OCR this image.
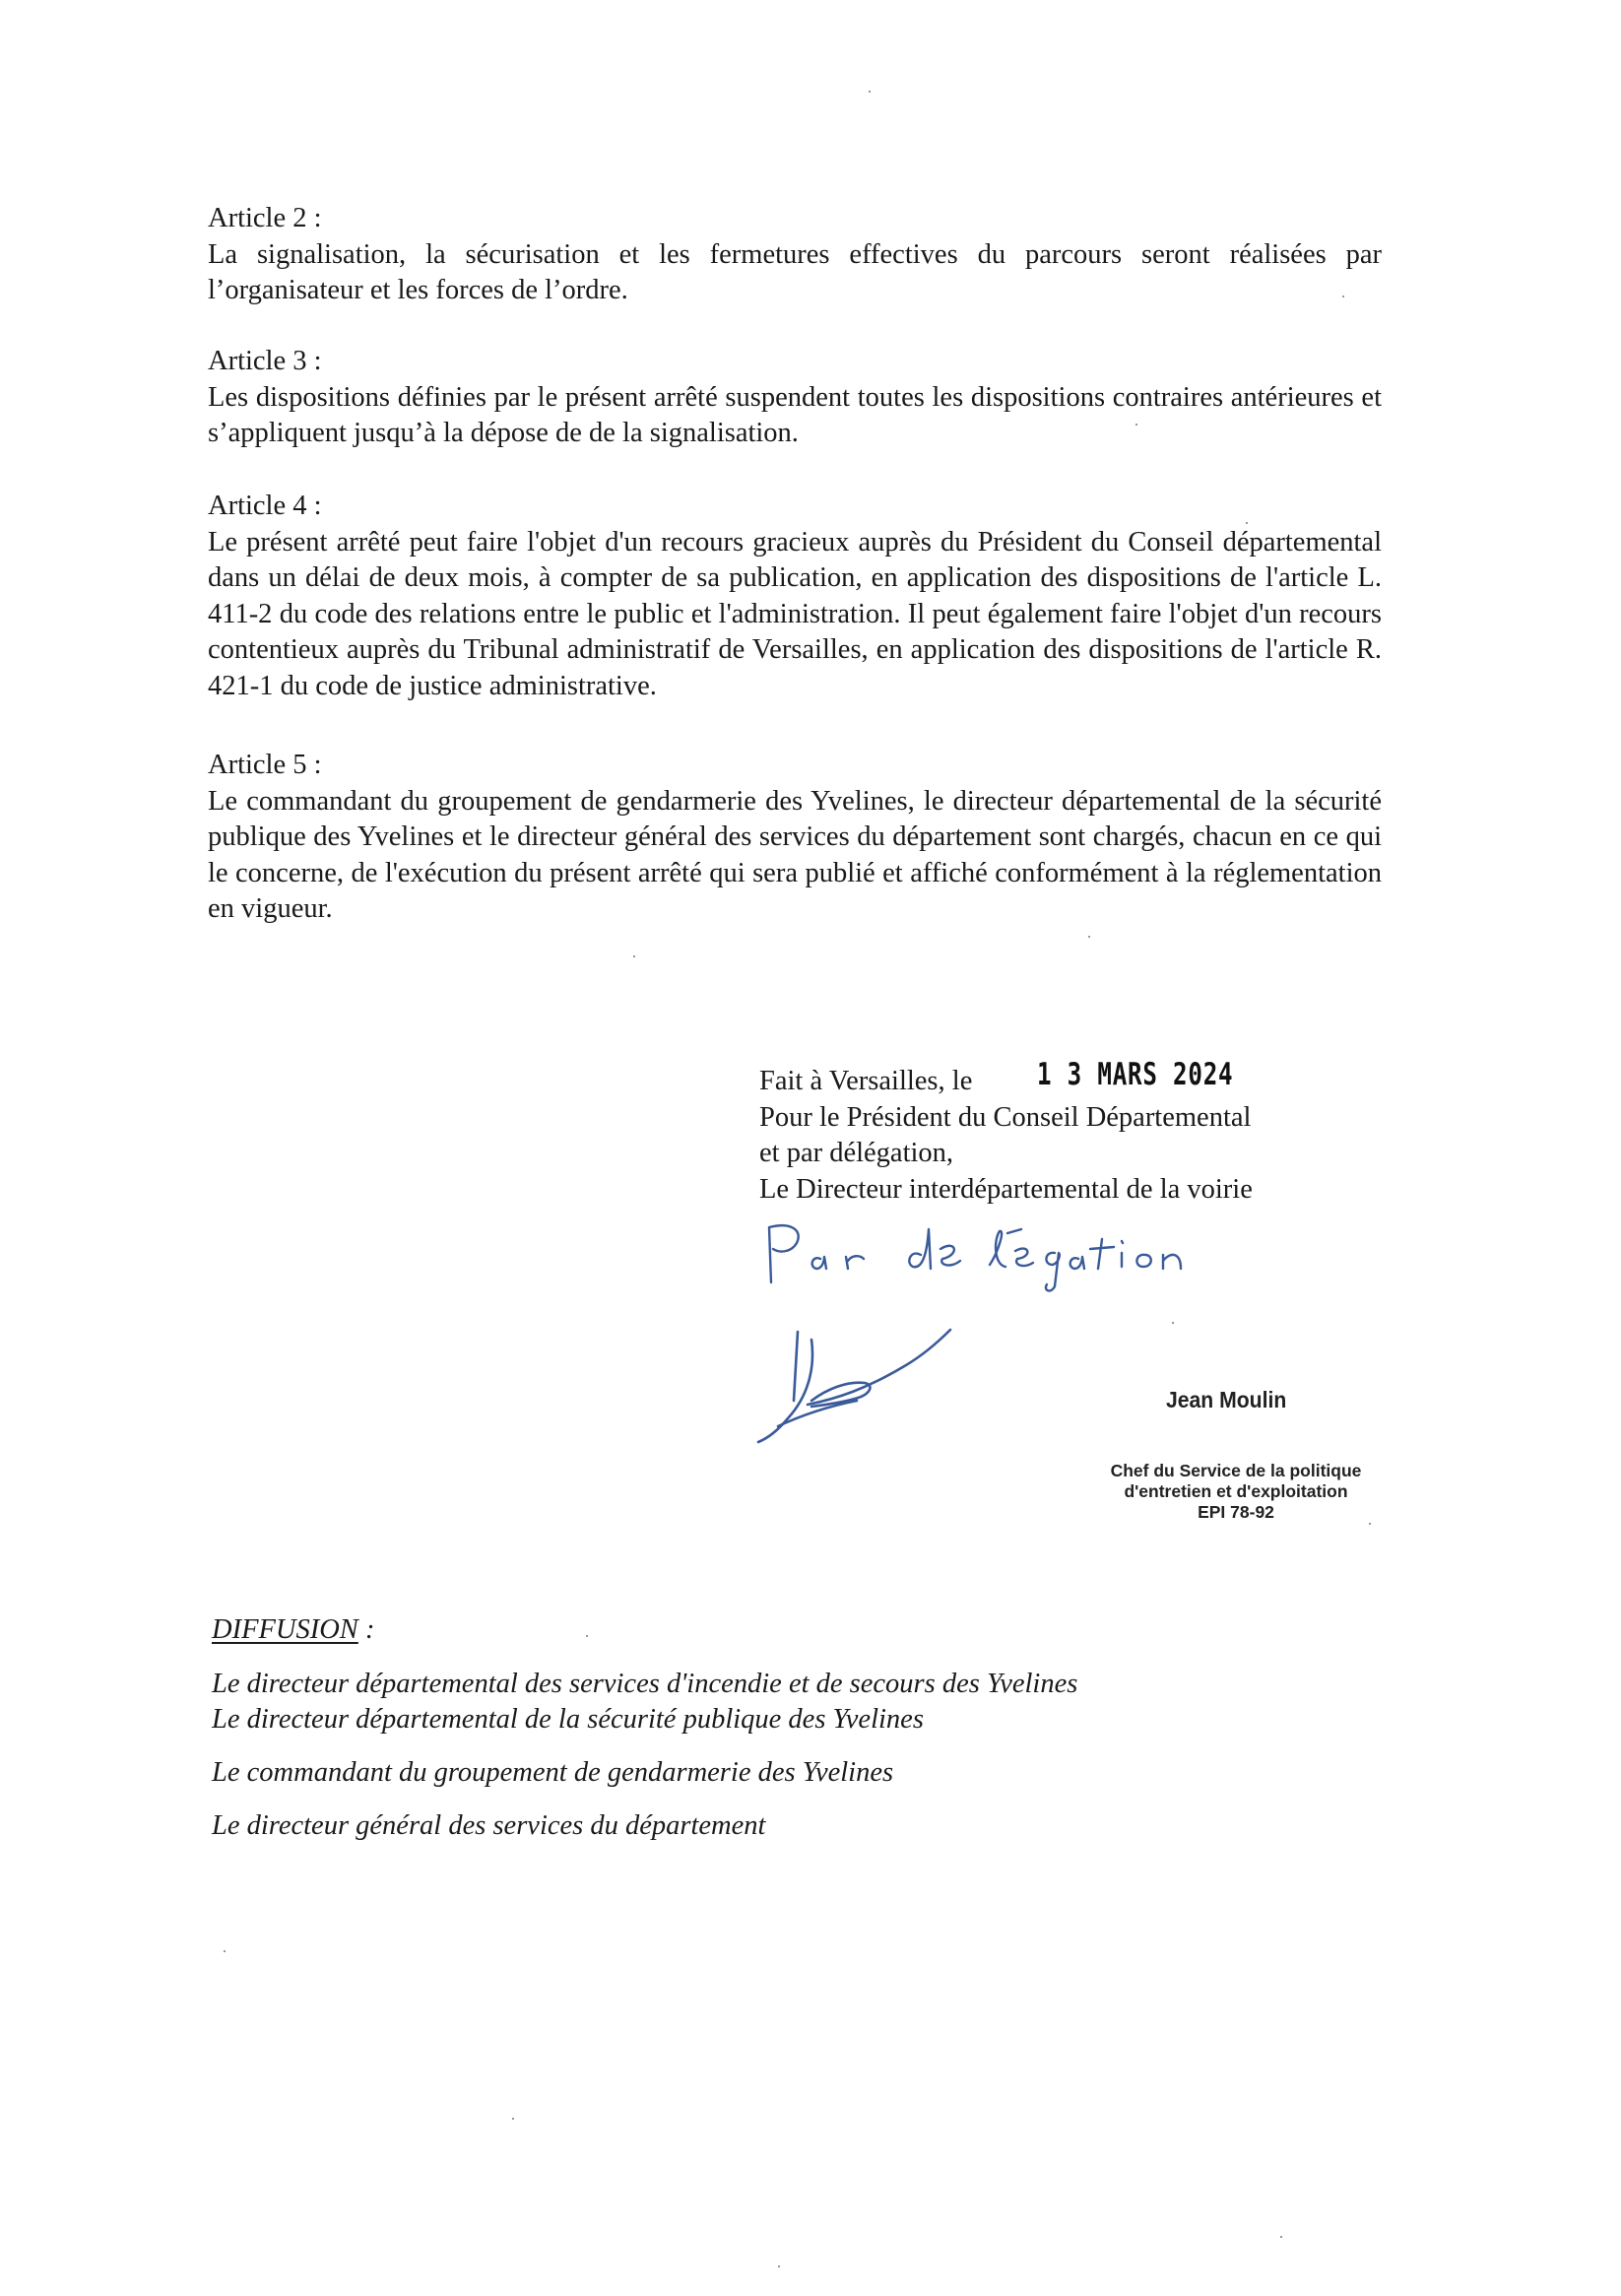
Article 2 :
La signalisation, la sécurisation et les fermetures effectives du parcours seront réalisées par l’organisateur et les forces de l’ordre.
Article 3 :
Les dispositions définies par le présent arrêté suspendent toutes les dispositions contraires antérieures et s’appliquent jusqu’à la dépose de de la signalisation.
Article 4 :
Le présent arrêté peut faire l'objet d'un recours gracieux auprès du Président du Conseil départemental dans un délai de deux mois, à compter de sa publication, en application des dispositions de l'article L. 411-2 du code des relations entre le public et l'administration. Il peut également faire l'objet d'un recours contentieux auprès du Tribunal administratif de Versailles, en application des dispositions de l'article R. 421-1 du code de justice administrative.
Article 5 :
Le commandant du groupement de gendarmerie des Yvelines, le directeur départemental de la sécurité publique des Yvelines et le directeur général des services du département sont chargés, chacun en ce qui le concerne, de l'exécution du présent arrêté qui sera publié et affiché conformément à la réglementation en vigueur.
Fait à Versailles, le
Pour le Président du Conseil Départemental
et par délégation,
Le Directeur interdépartemental de la voirie
1 3 MARS 2024
Jean Moulin
Chef du Service de la politique
d'entretien et d'exploitation
EPI 78-92
DIFFUSION :
Le directeur départemental des services d'incendie et de secours des Yvelines
Le directeur départemental de la sécurité publique des Yvelines
Le commandant du groupement de gendarmerie des Yvelines
Le directeur général des services du département
